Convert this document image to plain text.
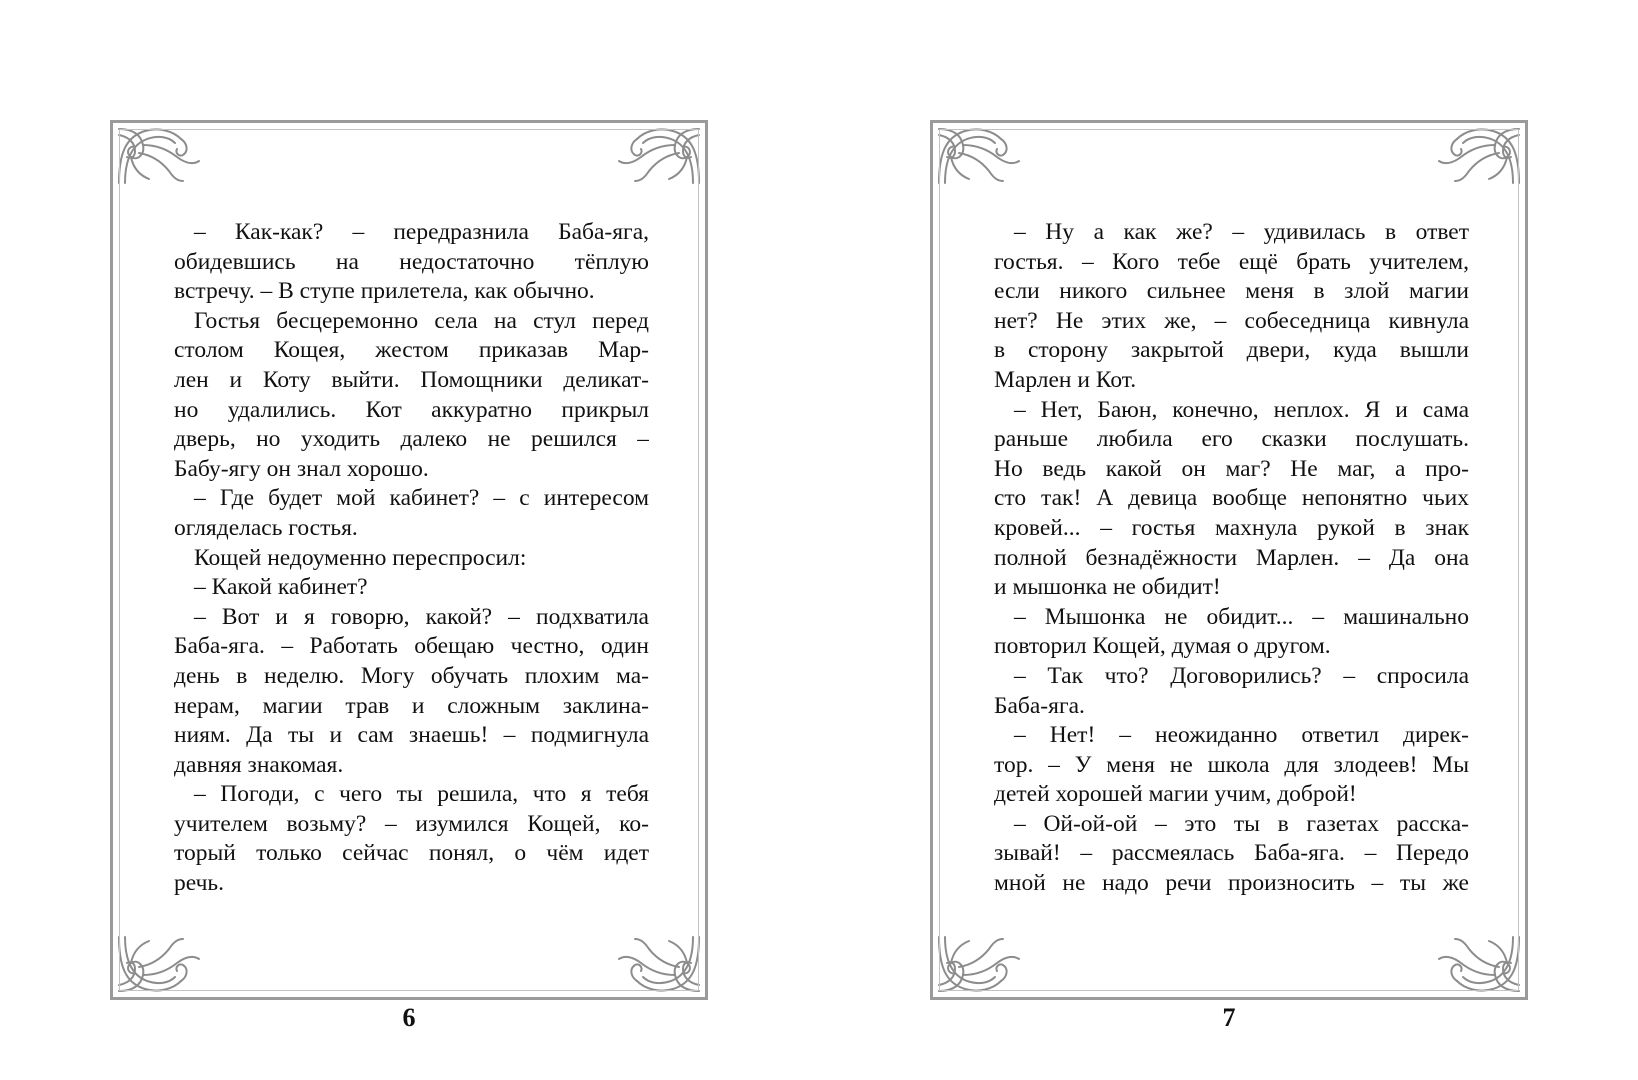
– Как-как? – передразнила Баба-яга,
обидевшись на недостаточно тёплую
встречу. – В ступе прилетела, как обычно.
Гостья бесцеремонно села на стул перед
столом Кощея, жестом приказав Мар-
лен и Коту выйти. Помощники деликат-
но удалились. Кот аккуратно прикрыл
дверь, но уходить далеко не решился –
Бабу-ягу он знал хорошо.
– Где будет мой кабинет? – с интересом
огляделась гостья.
Кощей недоуменно переспросил:
– Какой кабинет?
– Вот и я говорю, какой? – подхватила
Баба-яга. – Работать обещаю честно, один
день в неделю. Могу обучать плохим ма-
нерам, магии трав и сложным заклина-
ниям. Да ты и сам знаешь! – подмигнула
давняя знакомая.
– Погоди, с чего ты решила, что я тебя
учителем возьму? – изумился Кощей, ко-
торый только сейчас понял, о чём идет
речь.
– Ну а как же? – удивилась в ответ
гостья. – Кого тебе ещё брать учителем,
если никого сильнее меня в злой магии
нет? Не этих же, – собеседница кивнула
в сторону закрытой двери, куда вышли
Марлен и Кот.
– Нет, Баюн, конечно, неплох. Я и сама
раньше любила его сказки послушать.
Но ведь какой он маг? Не маг, а про-
сто так! А девица вообще непонятно чьих
кровей... – гостья махнула рукой в знак
полной безнадёжности Марлен. – Да она
и мышонка не обидит!
– Мышонка не обидит... – машинально
повторил Кощей, думая о другом.
– Так что? Договорились? – спросила
Баба-яга.
– Нет! – неожиданно ответил дирек-
тор. – У меня не школа для злодеев! Мы
детей хорошей магии учим, доброй!
– Ой-ой-ой – это ты в газетах расска-
зывай! – рассмеялась Баба-яга. – Передо
мной не надо речи произносить – ты же
6	7
